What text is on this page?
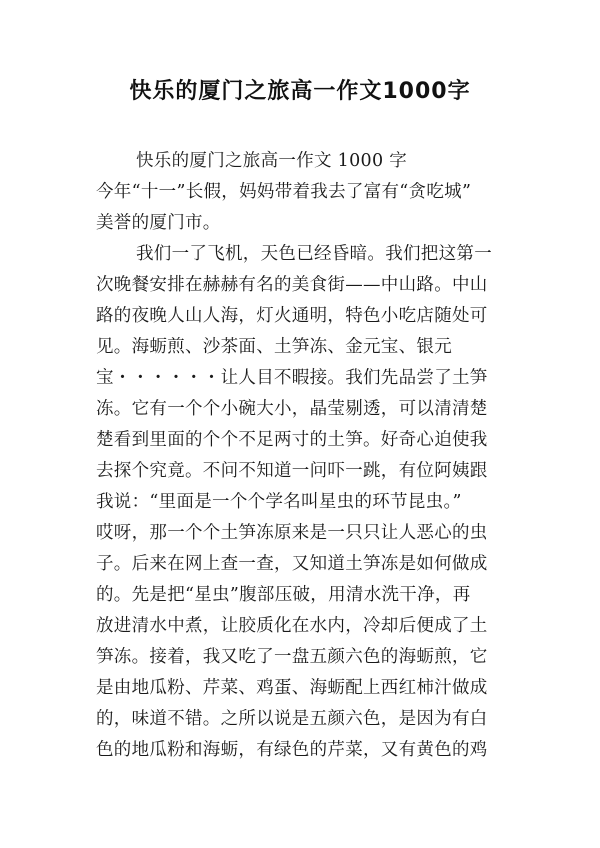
快乐的厦门之旅高一作文1000字
快乐的厦门之旅高一作文 1000 字
今年“十一”长假，妈妈带着我去了富有“贪吃城”
美誉的厦门市。
我们一了飞机，天色已经昏暗。我们把这第一
次晚餐安排在赫赫有名的美食街——中山路。中山
路的夜晚人山人海，灯火通明，特色小吃店随处可
见。海蛎煎、沙茶面、土笋冻、金元宝、银元
宝・・・・・・让人目不暇接。我们先品尝了土笋
冻。它有一个个小碗大小，晶莹剔透，可以清清楚
楚看到里面的个个不足两寸的土笋。好奇心迫使我
去探个究竟。不问不知道一问吓一跳，有位阿姨跟
我说：“里面是一个个学名叫星虫的环节昆虫。”
哎呀，那一个个土笋冻原来是一只只让人恶心的虫
子。后来在网上查一查，又知道土笋冻是如何做成
的。先是把“星虫”腹部压破，用清水洗干净，再
放进清水中煮，让胶质化在水内，冷却后便成了土
笋冻。接着，我又吃了一盘五颜六色的海蛎煎，它
是由地瓜粉、芹菜、鸡蛋、海蛎配上西红柿汁做成
的，味道不错。之所以说是五颜六色，是因为有白
色的地瓜粉和海蛎，有绿色的芹菜，又有黄色的鸡
